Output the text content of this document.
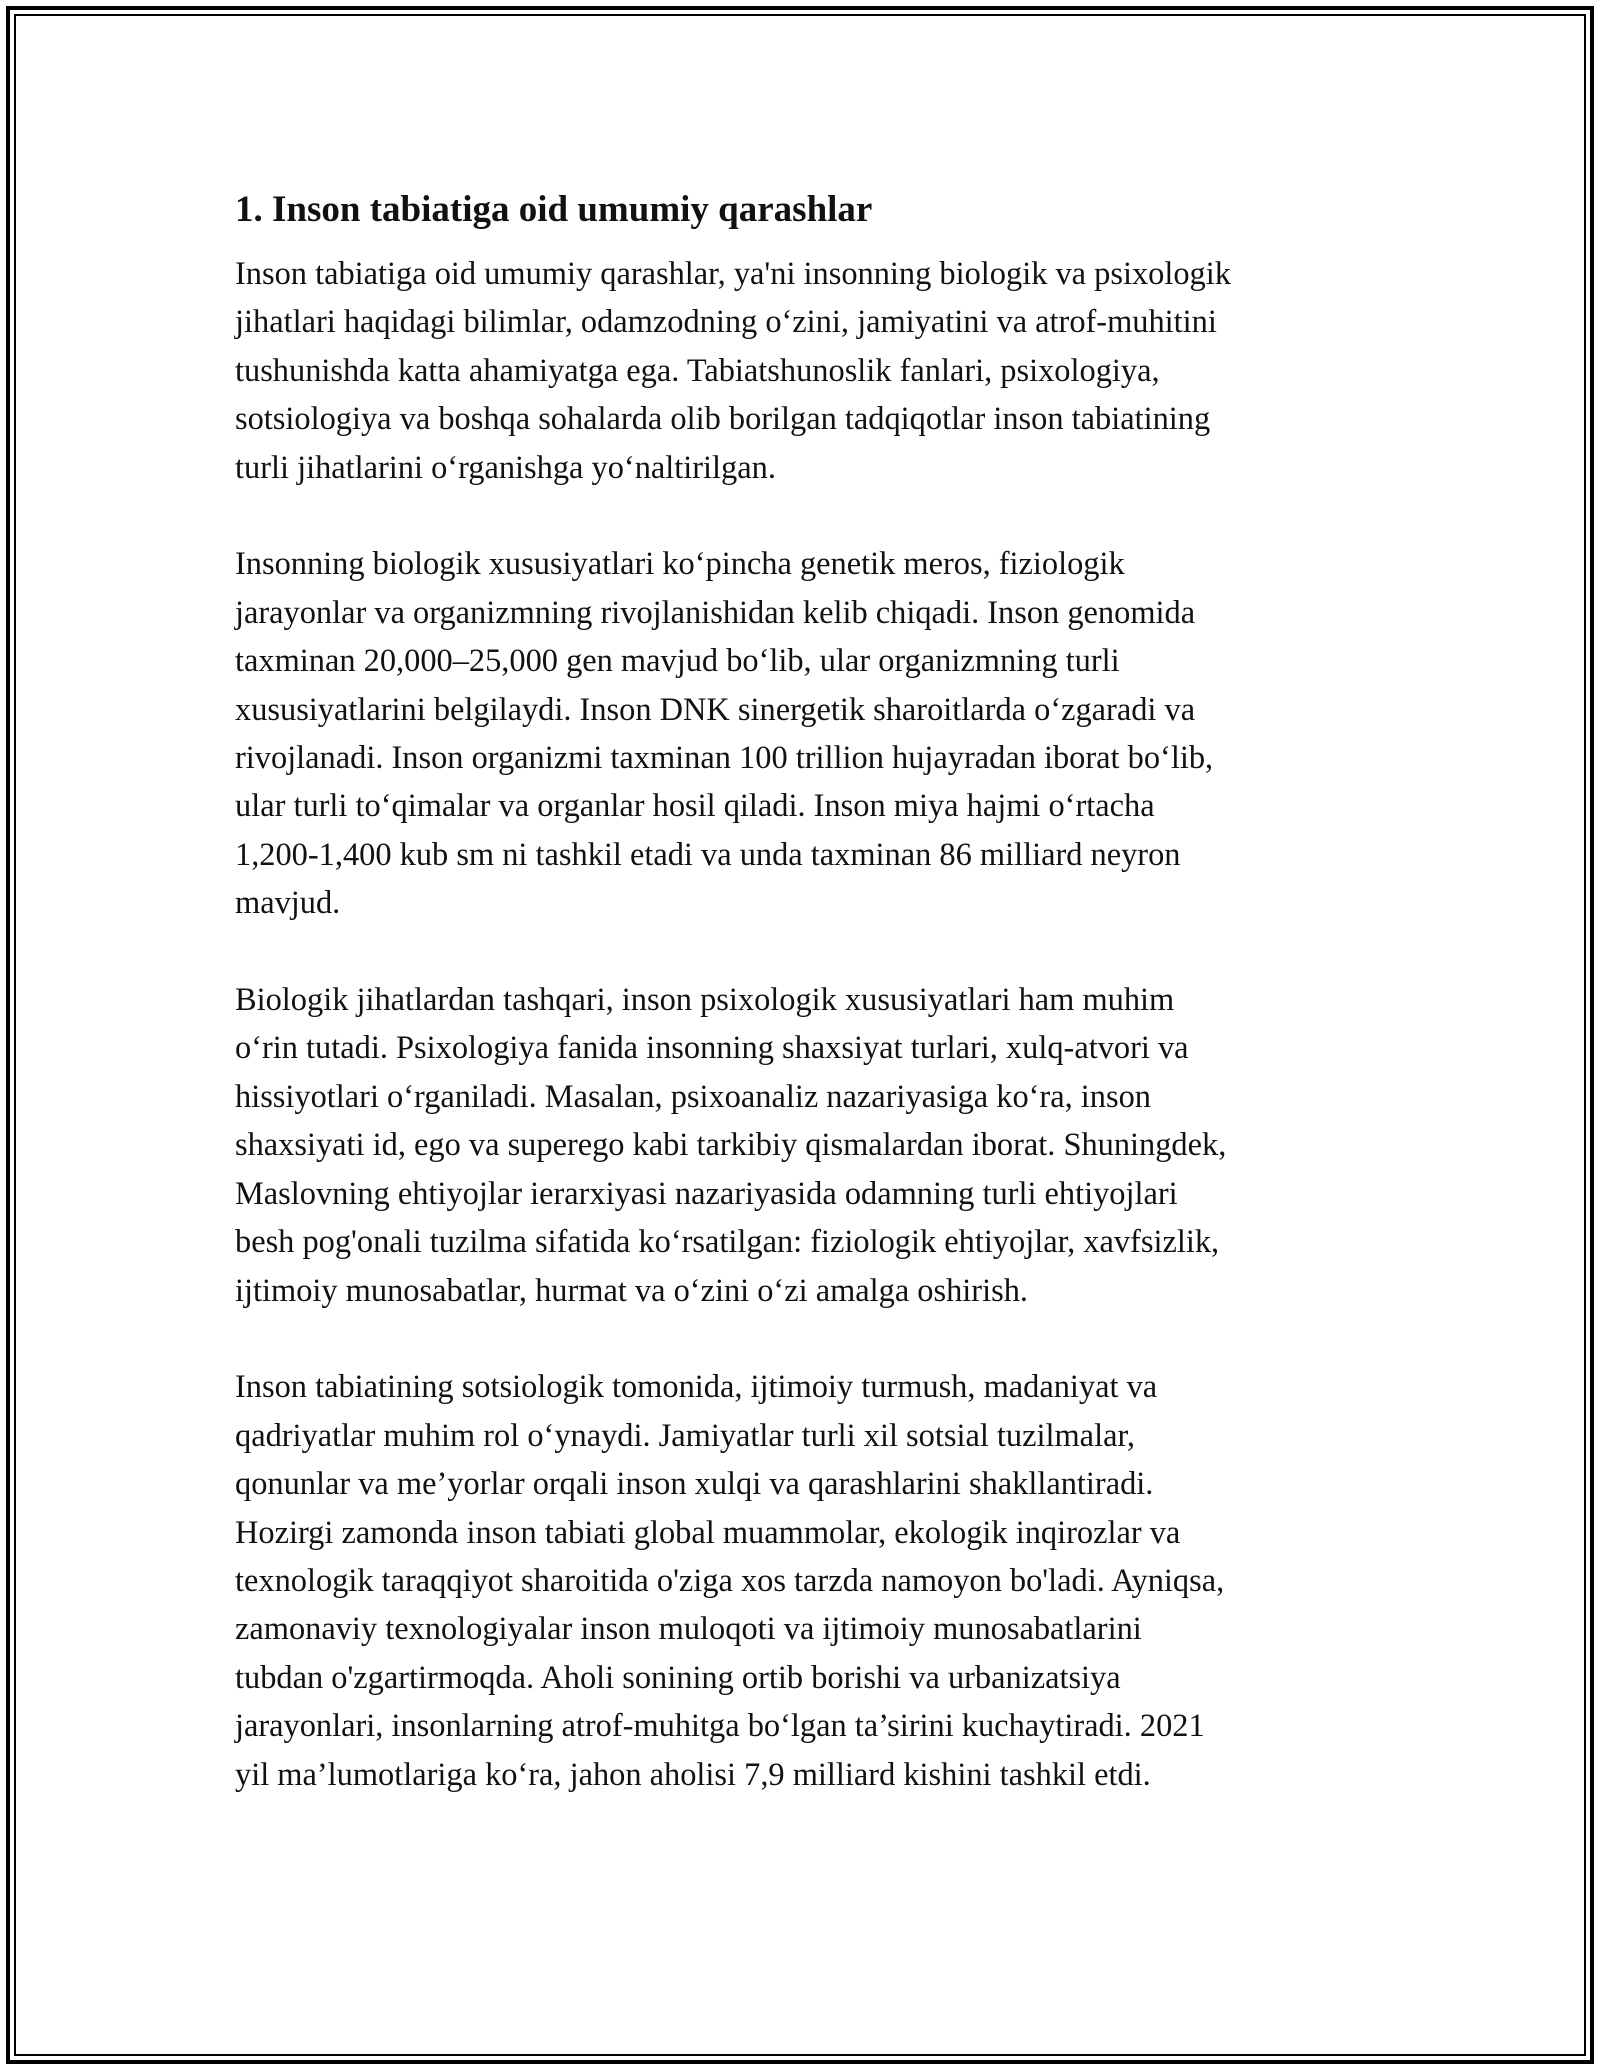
1. Inson tabiatiga oid umumiy qarashlar

Inson tabiatiga oid umumiy qarashlar, ya'ni insonning biologik va psixologik
jihatlari haqidagi bilimlar, odamzodning o‘zini, jamiyatini va atrof-muhitini
tushunishda katta ahamiyatga ega. Tabiatshunoslik fanlari, psixologiya,
sotsiologiya va boshqa sohalarda olib borilgan tadqiqotlar inson tabiatining
turli jihatlarini o‘rganishga yo‘naltirilgan.

Insonning biologik xususiyatlari ko‘pincha genetik meros, fiziologik
jarayonlar va organizmning rivojlanishidan kelib chiqadi. Inson genomida
taxminan 20,000–25,000 gen mavjud bo‘lib, ular organizmning turli
xususiyatlarini belgilaydi. Inson DNK sinergetik sharoitlarda o‘zgaradi va
rivojlanadi. Inson organizmi taxminan 100 trillion hujayradan iborat bo‘lib,
ular turli to‘qimalar va organlar hosil qiladi. Inson miya hajmi o‘rtacha
1,200-1,400 kub sm ni tashkil etadi va unda taxminan 86 milliard neyron
mavjud.

Biologik jihatlardan tashqari, inson psixologik xususiyatlari ham muhim
o‘rin tutadi. Psixologiya fanida insonning shaxsiyat turlari, xulq-atvori va
hissiyotlari o‘rganiladi. Masalan, psixoanaliz nazariyasiga ko‘ra, inson
shaxsiyati id, ego va superego kabi tarkibiy qismalardan iborat. Shuningdek,
Maslovning ehtiyojlar ierarxiyasi nazariyasida odamning turli ehtiyojlari
besh pog'onali tuzilma sifatida ko‘rsatilgan: fiziologik ehtiyojlar, xavfsizlik,
ijtimoiy munosabatlar, hurmat va o‘zini o‘zi amalga oshirish.

Inson tabiatining sotsiologik tomonida, ijtimoiy turmush, madaniyat va
qadriyatlar muhim rol o‘ynaydi. Jamiyatlar turli xil sotsial tuzilmalar,
qonunlar va me’yorlar orqali inson xulqi va qarashlarini shakllantiradi.
Hozirgi zamonda inson tabiati global muammolar, ekologik inqirozlar va
texnologik taraqqiyot sharoitida o'ziga xos tarzda namoyon bo'ladi. Ayniqsa,
zamonaviy texnologiyalar inson muloqoti va ijtimoiy munosabatlarini
tubdan o'zgartirmoqda. Aholi sonining ortib borishi va urbanizatsiya
jarayonlari, insonlarning atrof-muhitga bo‘lgan ta’sirini kuchaytiradi. 2021
yil ma’lumotlariga ko‘ra, jahon aholisi 7,9 milliard kishini tashkil etdi.
